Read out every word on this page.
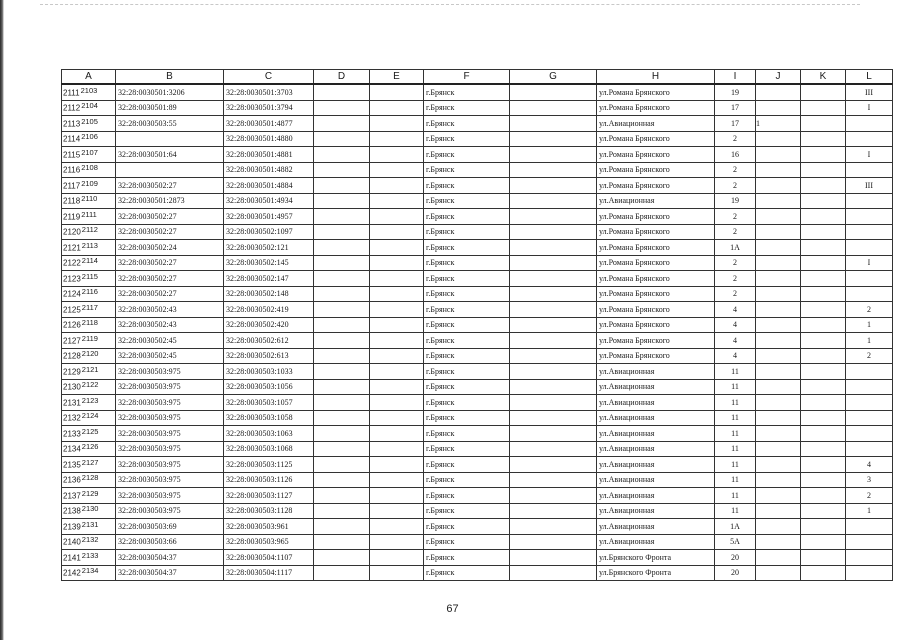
A	B	C	D	E	F	G	H	I	J	K	L
21112103	32:28:0030501:3206	32:28:0030501:3703			г.Брянск		ул.Романа Брянского	19			III
21122104	32:28:0030501:89	32:28:0030501:3794			г.Брянск		ул.Романа Брянского	17			I
21132105	32:28:0030503:55	32:28:0030501:4877			г.Брянск		ул.Авиационная	17	1		
21142106		32:28:0030501:4880			г.Брянск		ул.Романа Брянского	2			
21152107	32:28:0030501:64	32:28:0030501:4881			г.Брянск		ул.Романа Брянского	16			I
21162108		32:28:0030501:4882			г.Брянск		ул.Романа Брянского	2			
21172109	32:28:0030502:27	32:28:0030501:4884			г.Брянск		ул.Романа Брянского	2			III
21182110	32:28:0030501:2873	32:28:0030501:4934			г.Брянск		ул.Авиационная	19			
21192111	32:28:0030502:27	32:28:0030501:4957			г.Брянск		ул.Романа Брянского	2			
21202112	32:28:0030502:27	32:28:0030502:1097			г.Брянск		ул.Романа Брянского	2			
21212113	32:28:0030502:24	32:28:0030502:121			г.Брянск		ул.Романа Брянского	1А			
21222114	32:28:0030502:27	32:28:0030502:145			г.Брянск		ул.Романа Брянского	2			I
21232115	32:28:0030502:27	32:28:0030502:147			г.Брянск		ул.Романа Брянского	2			
21242116	32:28:0030502:27	32:28:0030502:148			г.Брянск		ул.Романа Брянского	2			
21252117	32:28:0030502:43	32:28:0030502:419			г.Брянск		ул.Романа Брянского	4			2
21262118	32:28:0030502:43	32:28:0030502:420			г.Брянск		ул.Романа Брянского	4			1
21272119	32:28:0030502:45	32:28:0030502:612			г.Брянск		ул.Романа Брянского	4			1
21282120	32:28:0030502:45	32:28:0030502:613			г.Брянск		ул.Романа Брянского	4			2
21292121	32:28:0030503:975	32:28:0030503:1033			г.Брянск		ул.Авиационная	11			
21302122	32:28:0030503:975	32:28:0030503:1056			г.Брянск		ул.Авиационная	11			
21312123	32:28:0030503:975	32:28:0030503:1057			г.Брянск		ул.Авиационная	11			
21322124	32:28:0030503:975	32:28:0030503:1058			г.Брянск		ул.Авиационная	11			
21332125	32:28:0030503:975	32:28:0030503:1063			г.Брянск		ул.Авиационная	11			
21342126	32:28:0030503:975	32:28:0030503:1068			г.Брянск		ул.Авиационная	11			
21352127	32:28:0030503:975	32:28:0030503:1125			г.Брянск		ул.Авиационная	11			4
21362128	32:28:0030503:975	32:28:0030503:1126			г.Брянск		ул.Авиационная	11			3
21372129	32:28:0030503:975	32:28:0030503:1127			г.Брянск		ул.Авиационная	11			2
21382130	32:28:0030503:975	32:28:0030503:1128			г.Брянск		ул.Авиационная	11			1
21392131	32:28:0030503:69	32:28:0030503:961			г.Брянск		ул.Авиационная	1А			
21402132	32:28:0030503:66	32:28:0030503:965			г.Брянск		ул.Авиационная	5А			
21412133	32:28:0030504:37	32:28:0030504:1107			г.Брянск		ул.Брянского Фронта	20			
21422134	32:28:0030504:37	32:28:0030504:1117			г.Брянск		ул.Брянского Фронта	20			
67
